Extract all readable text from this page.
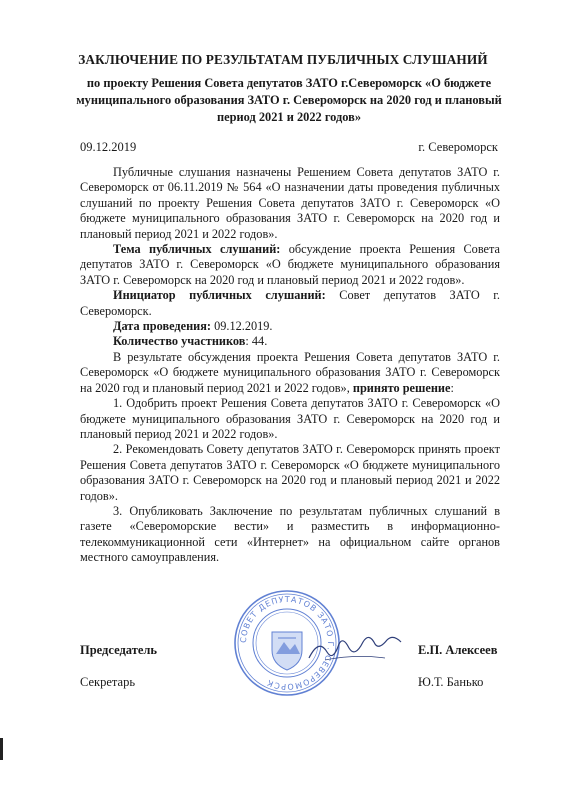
ЗАКЛЮЧЕНИЕ ПО РЕЗУЛЬТАТАМ ПУБЛИЧНЫХ СЛУШАНИЙ
по проекту Решения Совета депутатов ЗАТО г.Североморск «О бюджете муниципального образования ЗАТО г. Североморск на 2020 год и плановый период 2021 и 2022 годов»
09.12.2019	г. Североморск

Публичные слушания назначены Решением Совета депутатов ЗАТО г. Североморск от 06.11.2019 № 564 «О назначении даты проведения публичных слушаний по проекту Решения Совета депутатов ЗАТО г. Североморск «О бюджете муниципального образования ЗАТО г. Североморск на 2020 год и плановый период 2021 и 2022 годов».

Тема публичных слушаний: обсуждение проекта Решения Совета депутатов ЗАТО г. Североморск «О бюджете муниципального образования ЗАТО г. Североморск на 2020 год и плановый период 2021 и 2022 годов».

Инициатор публичных слушаний: Совет депутатов ЗАТО г. Североморск.

Дата проведения: 09.12.2019.

Количество участников: 44.

В результате обсуждения проекта Решения Совета депутатов ЗАТО г. Североморск «О бюджете муниципального образования ЗАТО г. Североморск на 2020 год и плановый период 2021 и 2022 годов», принято решение:

1. Одобрить проект Решения Совета депутатов ЗАТО г. Североморск «О бюджете муниципального образования ЗАТО г. Североморск на 2020 год и плановый период 2021 и 2022 годов».

2. Рекомендовать Совету депутатов ЗАТО г. Североморск принять проект Решения Совета депутатов ЗАТО г. Североморск «О бюджете муниципального образования ЗАТО г. Североморск на 2020 год и плановый период 2021 и 2022 годов».

3. Опубликовать Заключение по результатам публичных слушаний в газете «Североморские вести» и разместить в информационно-телекоммуникационной сети «Интернет» на официальном сайте органов местного самоуправления.

СОВЕТ ДЕПУТАТОВ ЗАТО Г. СЕВЕРОМОРСК
Председатель	Е.П. Алексеев
Секретарь	Ю.Т. Банько
